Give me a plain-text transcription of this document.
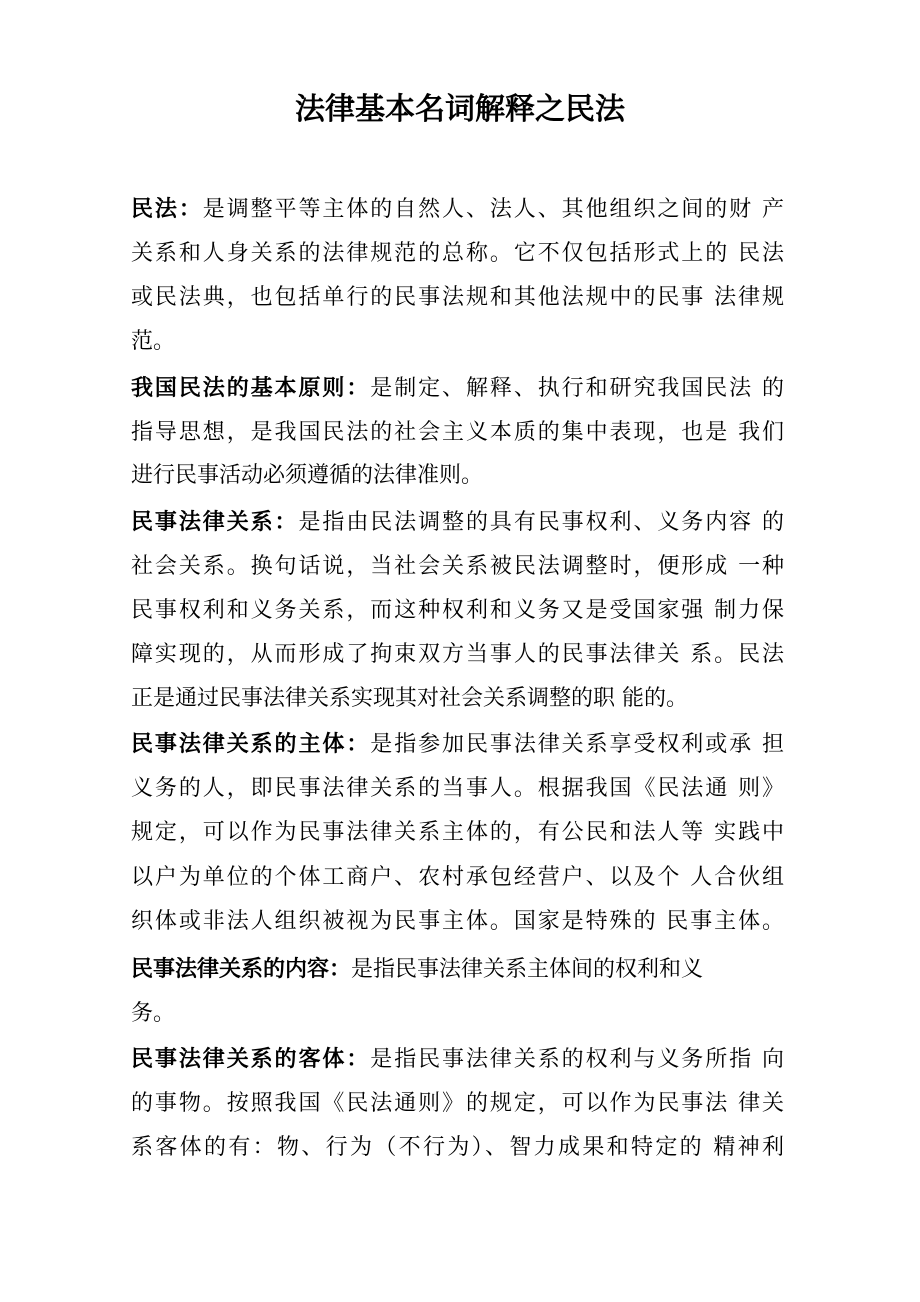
法律基本名词解释之民法
民法：是调整平等主体的自然人、法人、其他组织之间的财 产
关系和人身关系的法律规范的总称。它不仅包括形式上的 民法
或民法典，也包括单行的民事法规和其他法规中的民事 法律规
范。
我国民法的基本原则：是制定、解释、执行和研究我国民法 的
指导思想，是我国民法的社会主义本质的集中表现，也是 我们
进行民事活动必须遵循的法律准则。
民事法律关系：是指由民法调整的具有民事权利、义务内容 的
社会关系。换句话说，当社会关系被民法调整时，便形成 一种
民事权利和义务关系，而这种权利和义务又是受国家强 制力保
障实现的，从而形成了拘束双方当事人的民事法律关 系。民法
正是通过民事法律关系实现其对社会关系调整的职 能的。
民事法律关系的主体：是指参加民事法律关系享受权利或承 担
义务的人，即民事法律关系的当事人。根据我国《民法通 则》
规定，可以作为民事法律关系主体的，有公民和法人等 实践中
以户为单位的个体工商户、农村承包经营户、以及个 人合伙组
织体或非法人组织被视为民事主体。国家是特殊的 民事主体。
民事法律关系的内容：是指民事法律关系主体间的权利和义
务。
民事法律关系的客体：是指民事法律关系的权利与义务所指 向
的事物。按照我国《民法通则》的规定，可以作为民事法 律关
系客体的有：物、行为（不行为）、智力成果和特定的 精神利
